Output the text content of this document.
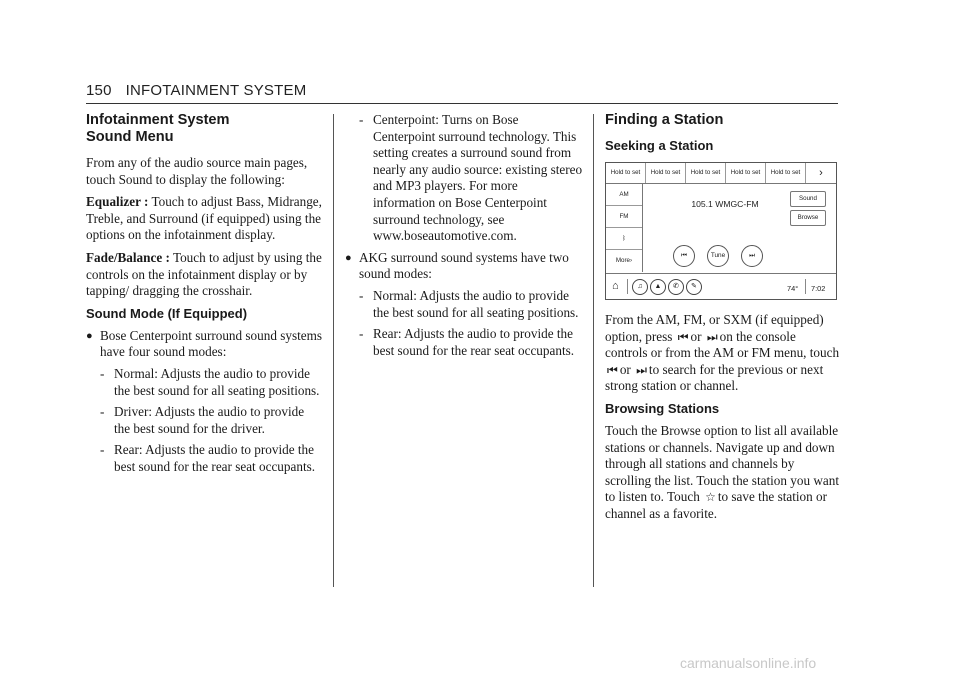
150 INFOTAINMENT SYSTEM
Infotainment System
Sound Menu

From any of the audio source main pages, touch Sound to display the following:

Equalizer : Touch to adjust Bass, Midrange, Treble, and Surround (if equipped) using the options on the infotainment display.

Fade/Balance : Touch to adjust by using the controls on the infotainment display or by tapping/ dragging the crosshair.

Sound Mode (If Equipped)
● Bose Centerpoint surround sound systems have four sound modes:
- Normal: Adjusts the audio to provide the best sound for all seating positions.
- Driver: Adjusts the audio to provide the best sound for the driver.
- Rear: Adjusts the audio to provide the best sound for the rear seat occupants.
- Centerpoint: Turns on Bose Centerpoint surround technology. This setting creates a surround sound from nearly any audio source: existing stereo and MP3 players. For more information on Bose Centerpoint surround technology, see www.boseautomotive.com.
● AKG surround sound systems have two sound modes:
- Normal: Adjusts the audio to provide the best sound for all seating positions.
- Rear: Adjusts the audio to provide the best sound for the rear seat occupants.
Finding a Station
Seeking a Station
Hold to set	Hold to set	Hold to set	Hold to set	Hold to set	›
AM
FM
ᛒ
More›
105.1 WMGC-FM
Sound
Browse
⏮	Tune	⏭
⌂	♫	▲	✆	✎	74° 7:02

From the AM, FM, or SXM (if equipped) option, press ⏮ or ⏭ on the console controls or from the AM or FM menu, touch ⏮ or ⏭ to search for the previous or next strong station or channel.

Browsing Stations

Touch the Browse option to list all available stations or channels. Navigate up and down through all stations and channels by scrolling the list. Touch the station you want to listen to. Touch ☆ to save the station or channel as a favorite.

carmanualsonline.info
